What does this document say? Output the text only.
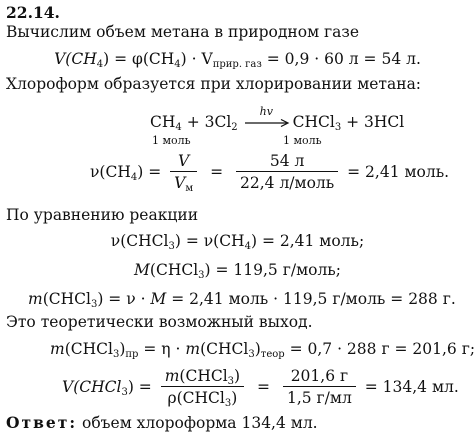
22.14.
Вычислим объем метана в природном газе
$V(CH_4) = \varphi(CH_4) \cdot V_{прир. газ} = 0,9 \cdot 60$ л = 54 л.
Хлороформ образуется при хлорировании метана:
$CH_4 + 3Cl_2$
hv
CHCl$_3$ + 3HCl
1 моль	1 моль
$\nu(CH_4) = \frac{V}{V_м} = \frac{54 л}{\text{22,4 л/моль}} = 2,41$ моль.
По уравнению реакции
ν(CHCl$_3$) = $\nu(CH_4) = 2,41$ моль;
M(CHCl$_3$) = 119,5 г/моль;
m(CHCl$_3$) = ν · M = 2,41 моль · 119,5 г/моль = 288 г.
Это теоретически возможный выход.
$m(CHCl_3)_{пр} = \eta$ · $m(CHCl_3)_{теор} = 0,7 \cdot 288$ г = 201,6 г;
V(CHCl$_3$) = $\frac{m(CHCl_3)}{\rho(CHCl_3)} = \frac{201,6 г}{1,5 г/мл} = 134,4$ мл.
Ответ: объем хлороформа 134,4 мл.
